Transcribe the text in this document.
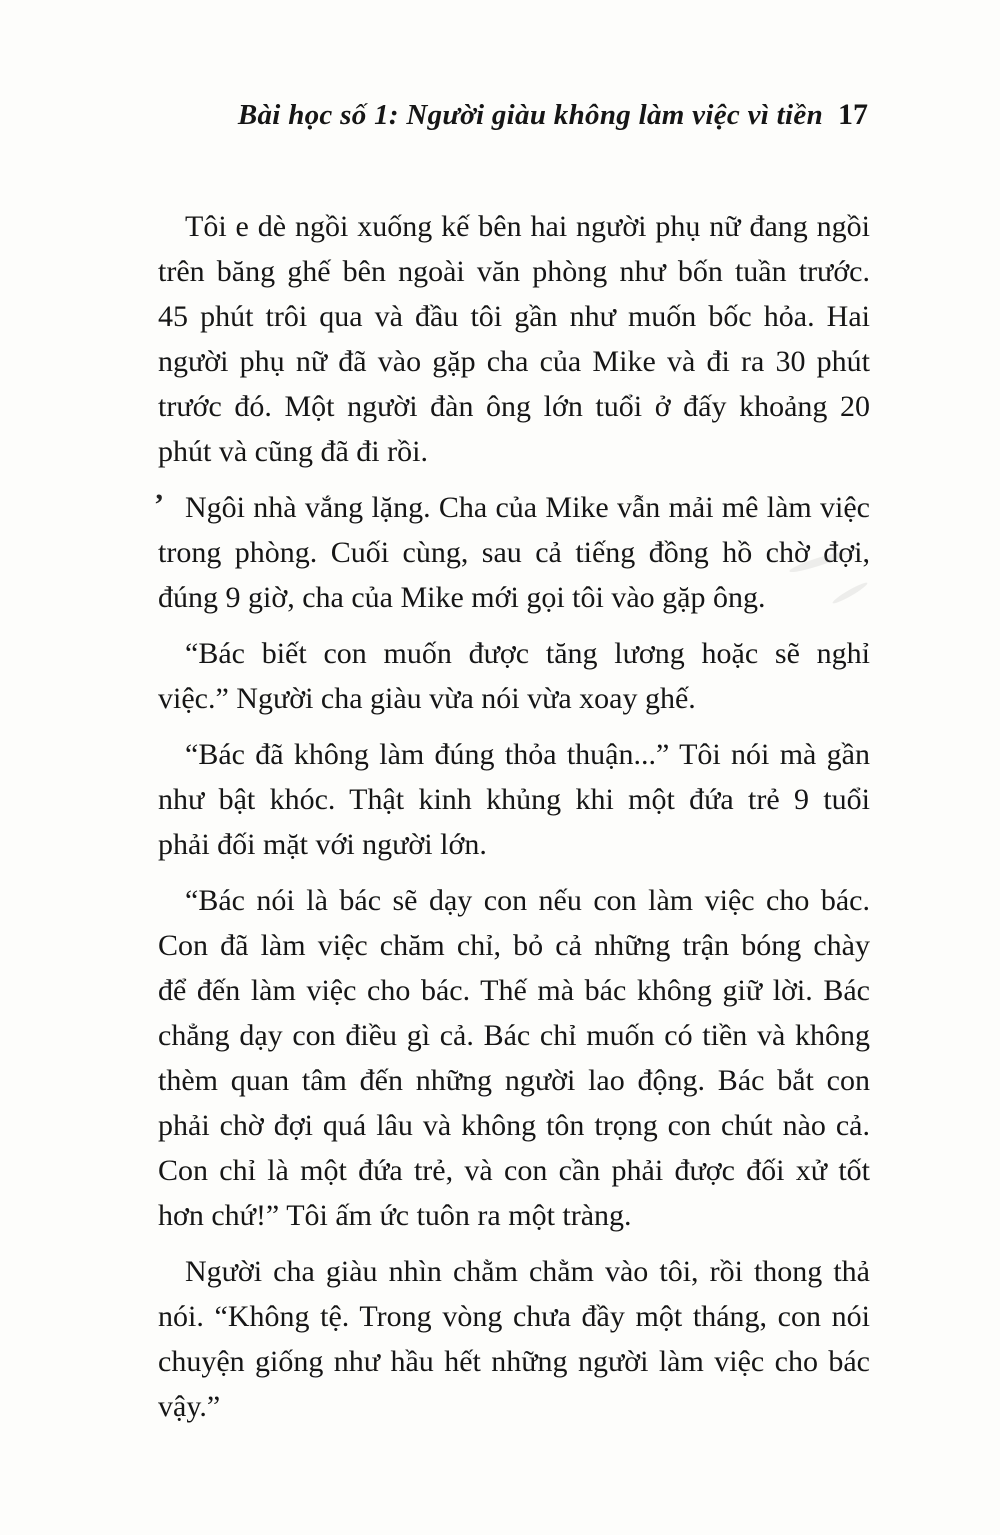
Bài học số 1: Người giàu không làm việc vì tiền 17
’
Tôi e dè ngồi xuống kế bên hai người phụ nữ đang ngồi
trên băng ghế bên ngoài văn phòng như bốn tuần trước.
45 phút trôi qua và đầu tôi gần như muốn bốc hỏa. Hai
người phụ nữ đã vào gặp cha của Mike và đi ra 30 phút
trước đó. Một người đàn ông lớn tuổi ở đấy khoảng 20
phút và cũng đã đi rồi.
Ngôi nhà vắng lặng. Cha của Mike vẫn mải mê làm việc
trong phòng. Cuối cùng, sau cả tiếng đồng hồ chờ đợi,
đúng 9 giờ, cha của Mike mới gọi tôi vào gặp ông.
“Bác biết con muốn được tăng lương hoặc sẽ nghỉ
việc.” Người cha giàu vừa nói vừa xoay ghế.
“Bác đã không làm đúng thỏa thuận...” Tôi nói mà gần
như bật khóc. Thật kinh khủng khi một đứa trẻ 9 tuổi
phải đối mặt với người lớn.
“Bác nói là bác sẽ dạy con nếu con làm việc cho bác.
Con đã làm việc chăm chỉ, bỏ cả những trận bóng chày
để đến làm việc cho bác. Thế mà bác không giữ lời. Bác
chẳng dạy con điều gì cả. Bác chỉ muốn có tiền và không
thèm quan tâm đến những người lao động. Bác bắt con
phải chờ đợi quá lâu và không tôn trọng con chút nào cả.
Con chỉ là một đứa trẻ, và con cần phải được đối xử tốt
hơn chứ!” Tôi ấm ức tuôn ra một tràng.
Người cha giàu nhìn chằm chằm vào tôi, rồi thong thả
nói. “Không tệ. Trong vòng chưa đầy một tháng, con nói
chuyện giống như hầu hết những người làm việc cho bác
vậy.”
